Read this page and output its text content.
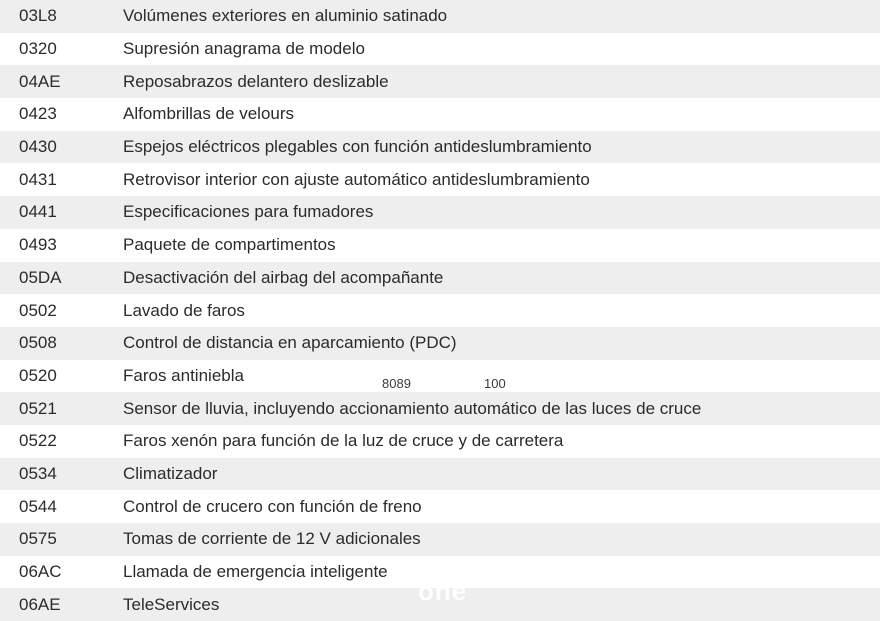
03L8	Volúmenes exteriores en aluminio satinado
0320	Supresión anagrama de modelo
04AE	Reposabrazos delantero deslizable
0423	Alfombrillas de velours
0430	Espejos eléctricos plegables con función antideslumbramiento
0431	Retrovisor interior con ajuste automático antideslumbramiento
0441	Especificaciones para fumadores
0493	Paquete de compartimentos
05DA	Desactivación del airbag del acompañante
0502	Lavado de faros
0508	Control de distancia en aparcamiento (PDC)
0520	Faros antiniebla
0521	Sensor de lluvia, incluyendo accionamiento automático de las luces de cruce
0522	Faros xenón para función de la luz de cruce y de carretera
0534	Climatizador
0544	Control de crucero con función de freno
0575	Tomas de corriente de 12 V adicionales
06AC	Llamada de emergencia inteligente
06AE	TeleServices
8089	100
one
